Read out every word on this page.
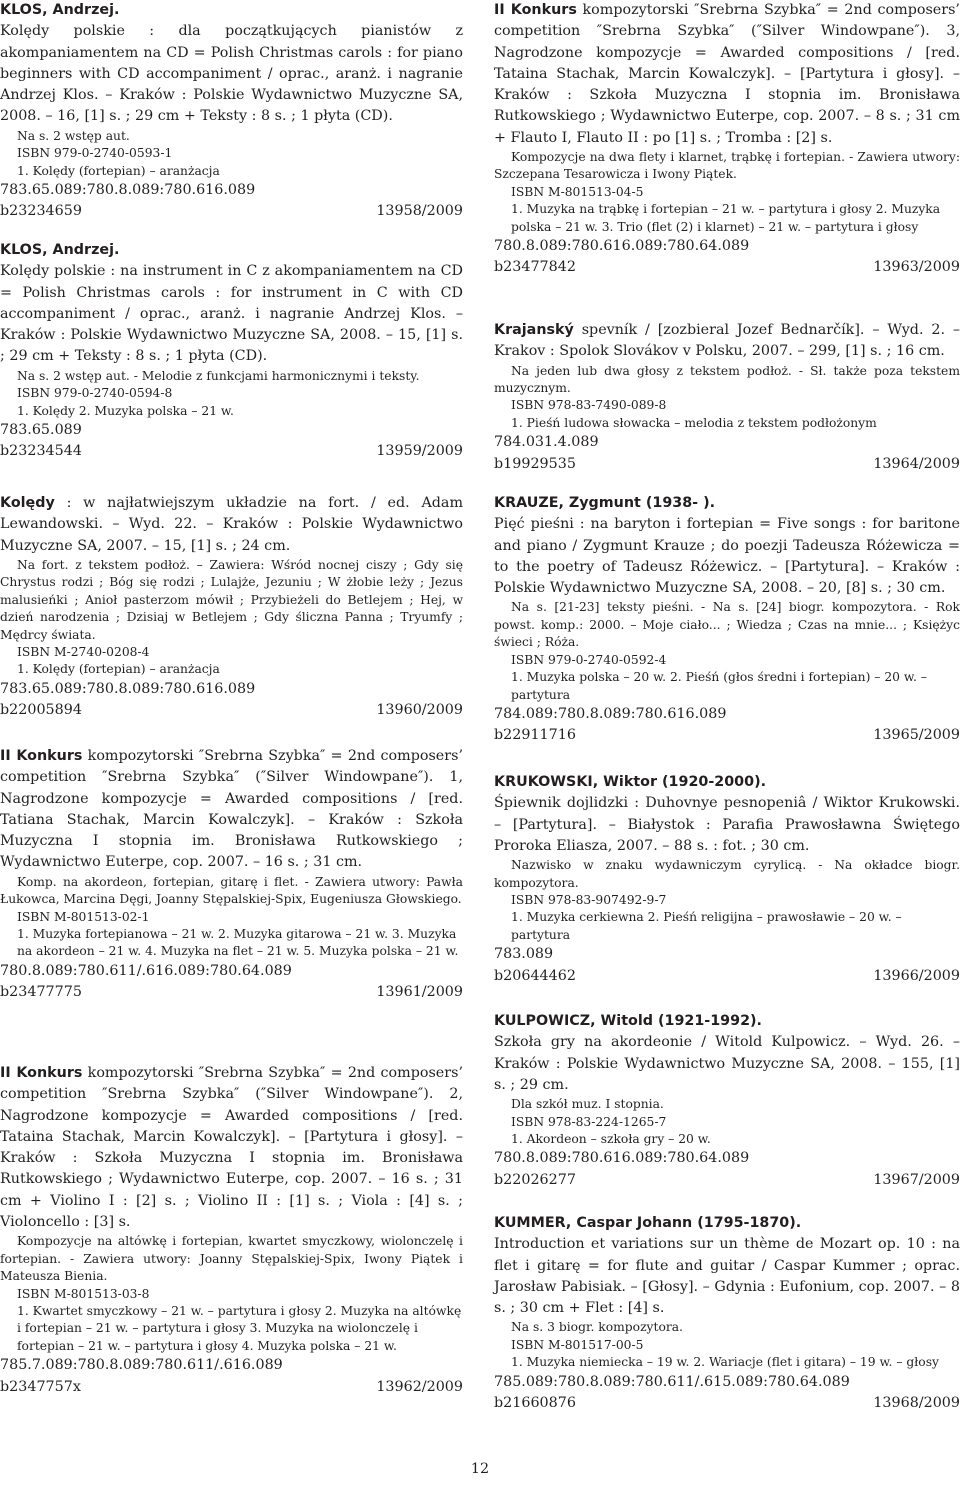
KLOS, Andrzej.
Kolędy polskie : dla początkujących pianistów z akompaniamentem na CD = Polish Christmas carols : for piano beginners with CD accompaniment / oprac., aranż. i nagranie Andrzej Klos. – Kraków : Polskie Wydawnictwo Muzyczne SA, 2008. – 16, [1] s. ; 29 cm + Teksty : 8 s. ; 1 płyta (CD).
Na s. 2 wstęp aut.
ISBN 979-0-2740-0593-1
1. Kolędy (fortepian) – aranżacja
783.65.089:780.8.089:780.616.089
b23234659	13958/2009
KLOS, Andrzej.
Kolędy polskie : na instrument in C z akompaniamentem na CD = Polish Christmas carols : for instrument in C with CD accompaniment / oprac., aranż. i nagranie Andrzej Klos. – Kraków : Polskie Wydawnictwo Muzyczne SA, 2008. – 15, [1] s. ; 29 cm + Teksty : 8 s. ; 1 płyta (CD).
Na s. 2 wstęp aut. - Melodie z funkcjami harmonicznymi i teksty.
ISBN 979-0-2740-0594-8
1. Kolędy 2. Muzyka polska – 21 w.
783.65.089
b23234544	13959/2009
Kolędy : w najłatwiejszym układzie na fort. / ed. Adam Lewandowski. – Wyd. 22. – Kraków : Polskie Wydawnictwo Muzyczne SA, 2007. – 15, [1] s. ; 24 cm.
Na fort. z tekstem podłoż. – Zawiera: Wśród nocnej ciszy ; Gdy się Chrystus rodzi ; Bóg się rodzi ; Lulajże, Jezuniu ; W żłobie leży ; Jezus malusieńki ; Anioł pasterzom mówił ; Przybieżeli do Betlejem ; Hej, w dzień narodzenia ; Dzisiaj w Betlejem ; Gdy śliczna Panna ; Tryumfy ; Mędrcy świata.
ISBN M-2740-0208-4
1. Kolędy (fortepian) – aranżacja
783.65.089:780.8.089:780.616.089
b22005894	13960/2009
II Konkurs kompozytorski ″Srebrna Szybka″ = 2nd composers’ competition ″Srebrna Szybka″ (″Silver Windowpane″). 1, Nagrodzone kompozycje = Awarded compositions / [red. Tatiana Stachak, Marcin Kowalczyk]. – Kraków : Szkoła Muzyczna I stopnia im. Bronisława Rutkowskiego ; Wydawnictwo Euterpe, cop. 2007. – 16 s. ; 31 cm.
Komp. na akordeon, fortepian, gitarę i flet. - Zawiera utwory: Pawła Łukowca, Marcina Dęgi, Joanny Stępalskiej-Spix, Eugeniusza Głowskiego.
ISBN M-801513-02-1
1. Muzyka fortepianowa – 21 w. 2. Muzyka gitarowa – 21 w. 3. Muzyka na akordeon – 21 w. 4. Muzyka na flet – 21 w. 5. Muzyka polska – 21 w.
780.8.089:780.611/.616.089:780.64.089
b23477775	13961/2009
II Konkurs kompozytorski ″Srebrna Szybka″ = 2nd composers’ competition ″Srebrna Szybka″ (″Silver Windowpane″). 2, Nagrodzone kompozycje = Awarded compositions / [red. Tataina Stachak, Marcin Kowalczyk]. – [Partytura i głosy]. – Kraków : Szkoła Muzyczna I stopnia im. Bronisława Rutkowskiego ; Wydawnictwo Euterpe, cop. 2007. – 16 s. ; 31 cm + Violino I : [2] s. ; Violino II : [1] s. ; Viola : [4] s. ; Violoncello : [3] s.
Kompozycje na altówkę i fortepian, kwartet smyczkowy, wiolonczelę i fortepian. - Zawiera utwory: Joanny Stępalskiej-Spix, Iwony Piątek i Mateusza Bienia.
ISBN M-801513-03-8
1. Kwartet smyczkowy – 21 w. – partytura i głosy 2. Muzyka na altówkę i fortepian – 21 w. – partytura i głosy 3. Muzyka na wiolonczelę i fortepian – 21 w. – partytura i głosy 4. Muzyka polska – 21 w.
785.7.089:780.8.089:780.611/.616.089
b2347757x	13962/2009
II Konkurs kompozytorski ″Srebrna Szybka″ = 2nd composers’ competition ″Srebrna Szybka″ (″Silver Windowpane″). 3, Nagrodzone kompozycje = Awarded compositions / [red. Tataina Stachak, Marcin Kowalczyk]. – [Partytura i głosy]. – Kraków : Szkoła Muzyczna I stopnia im. Bronisława Rutkowskiego ; Wydawnictwo Euterpe, cop. 2007. – 8 s. ; 31 cm + Flauto I, Flauto II : po [1] s. ; Tromba : [2] s.
Kompozycje na dwa flety i klarnet, trąbkę i fortepian. - Zawiera utwory: Szczepana Tesarowicza i Iwony Piątek.
ISBN M-801513-04-5
1. Muzyka na trąbkę i fortepian – 21 w. – partytura i głosy 2. Muzyka polska – 21 w. 3. Trio (flet (2) i klarnet) – 21 w. – partytura i głosy
780.8.089:780.616.089:780.64.089
b23477842	13963/2009
Krajanský spevník / [zozbieral Jozef Bednarčík]. – Wyd. 2. – Krakov : Spolok Slovákov v Polsku, 2007. – 299, [1] s. ; 16 cm.
Na jeden lub dwa głosy z tekstem podłoż. - Sł. także poza tekstem muzycznym.
ISBN 978-83-7490-089-8
1. Pieśń ludowa słowacka – melodia z tekstem podłożonym
784.031.4.089
b19929535	13964/2009
KRAUZE, Zygmunt (1938- ).
Pięć pieśni : na baryton i fortepian = Five songs : for baritone and piano / Zygmunt Krauze ; do poezji Tadeusza Różewicza = to the poetry of Tadeusz Różewicz. – [Partytura]. – Kraków : Polskie Wydawnictwo Muzyczne SA, 2008. – 20, [8] s. ; 30 cm.
Na s. [21-23] teksty pieśni. - Na s. [24] biogr. kompozytora. - Rok powst. komp.: 2000. – Moje ciało... ; Wiedza ; Czas na mnie... ; Księżyc świeci ; Róża.
ISBN 979-0-2740-0592-4
1. Muzyka polska – 20 w. 2. Pieśń (głos średni i fortepian) – 20 w. – partytura
784.089:780.8.089:780.616.089
b22911716	13965/2009
KRUKOWSKI, Wiktor (1920-2000).
Śpiewnik dojlidzki : Duhovnye pesnopeniâ / Wiktor Krukowski. – [Partytura]. – Białystok : Parafia Prawosławna Świętego Proroka Eliasza, 2007. – 88 s. : fot. ; 30 cm.
Nazwisko w znaku wydawniczym cyrylicą. - Na okładce biogr. kompozytora.
ISBN 978-83-907492-9-7
1. Muzyka cerkiewna 2. Pieśń religijna – prawosławie – 20 w. – partytura
783.089
b20644462	13966/2009
KULPOWICZ, Witold (1921-1992).
Szkoła gry na akordeonie / Witold Kulpowicz. – Wyd. 26. – Kraków : Polskie Wydawnictwo Muzyczne SA, 2008. – 155, [1] s. ; 29 cm.
Dla szkół muz. I stopnia.
ISBN 978-83-224-1265-7
1. Akordeon – szkoła gry – 20 w.
780.8.089:780.616.089:780.64.089
b22026277	13967/2009
KUMMER, Caspar Johann (1795-1870).
Introduction et variations sur un thème de Mozart op. 10 : na flet i gitarę = for flute and guitar / Caspar Kummer ; oprac. Jarosław Pabisiak. – [Głosy]. – Gdynia : Eufonium, cop. 2007. – 8 s. ; 30 cm + Flet : [4] s.
Na s. 3 biogr. kompozytora.
ISBN M-801517-00-5
1. Muzyka niemiecka – 19 w. 2. Wariacje (flet i gitara) – 19 w. – głosy
785.089:780.8.089:780.611/.615.089:780.64.089
b21660876	13968/2009
12
